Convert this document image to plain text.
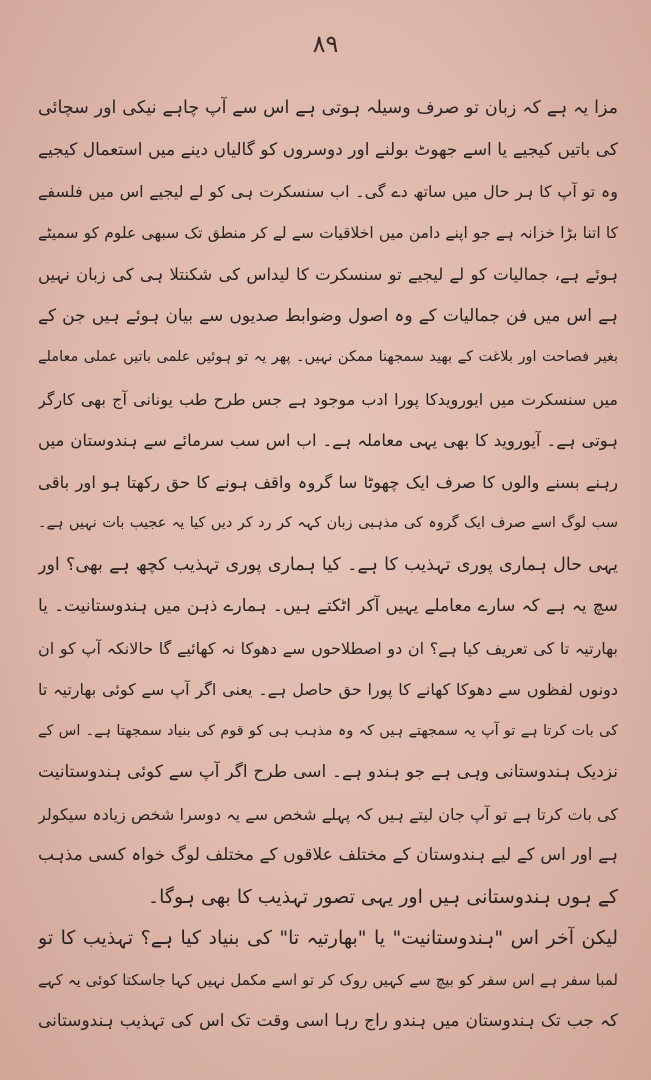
۸۹
مزا یہ ہے کہ زبان تو صرف وسیلہ ہوتی ہے اس سے آپ چاہے نیکی اور سچائی
کی باتیں کیجیے یا اسے جھوٹ بولنے اور دوسروں کو گالیاں دینے میں استعمال کیجیے
وہ تو آپ کا ہر حال میں ساتھ دے گی۔ اب سنسکرت ہی کو لے لیجیے اس میں فلسفے
کا اتنا بڑا خزانہ ہے جو اپنے دامن میں اخلاقیات سے لے کر منطق تک سبھی علوم کو سمیٹے
ہوئے ہے، جمالیات کو لے لیجیے تو سنسکرت کا لیداس کی شکنتلا ہی کی زبان نہیں
ہے اس میں فن جمالیات کے وہ اصول وضوابط صدیوں سے بیان ہوئے ہیں جن کے
بغیر فصاحت اور بلاغت کے بھید سمجھنا ممکن نہیں۔ پھر یہ تو ہوئیں علمی باتیں عملی معاملے
میں سنسکرت میں ایورویدکا پورا ادب موجود ہے جس طرح طب یونانی آج بھی کارگر
ہوتی ہے۔ آیوروید کا بھی یہی معاملہ ہے۔ اب اس سب سرمائے سے ہندوستان میں
رہنے بسنے والوں کا صرف ایک چھوٹا سا گروہ واقف ہونے کا حق رکھتا ہو اور باقی
سب لوگ اسے صرف ایک گروہ کی مذہبی زبان کہہ کر رد کر دیں کیا یہ عجیب بات نہیں ہے۔
یہی حال ہماری پوری تہذیب کا ہے۔ کیا ہماری پوری تہذیب کچھ ہے بھی؟ اور
سچ یہ ہے کہ سارے معاملے یہیں آکر اٹکتے ہیں۔ ہمارے ذہن میں ہندوستانیت۔ یا
بھارتیہ تا کی تعریف کیا ہے؟ ان دو اصطلاحوں سے دھوکا نہ کھائیے گا حالانکہ آپ کو ان
دونوں لفظوں سے دھوکا کھانے کا پورا حق حاصل ہے۔ یعنی اگر آپ سے کوئی بھارتیہ تا
کی بات کرتا ہے تو آپ یہ سمجھتے ہیں کہ وہ مذہب ہی کو قوم کی بنیاد سمجھتا ہے۔ اس کے
نزدیک ہندوستانی وہی ہے جو ہندو ہے۔ اسی طرح اگر آپ سے کوئی ہندوستانیت
کی بات کرتا ہے تو آپ جان لیتے ہیں کہ پہلے شخص سے یہ دوسرا شخص زیادہ سیکولر
ہے اور اس کے لیے ہندوستان کے مختلف علاقوں کے مختلف لوگ خواہ کسی مذہب
کے ہوں ہندوستانی ہیں اور یہی تصور تہذیب کا بھی ہوگا۔
لیکن آخر اس "ہندوستانیت" یا "بھارتیہ تا" کی بنیاد کیا ہے؟ تہذیب کا تو
لمبا سفر ہے اس سفر کو بیچ سے کہیں روک کر تو اسے مکمل نہیں کہا جاسکتا کوئی یہ کہے
کہ جب تک ہندوستان میں ہندو راج رہا اسی وقت تک اس کی تہذیب ہندوستانی
